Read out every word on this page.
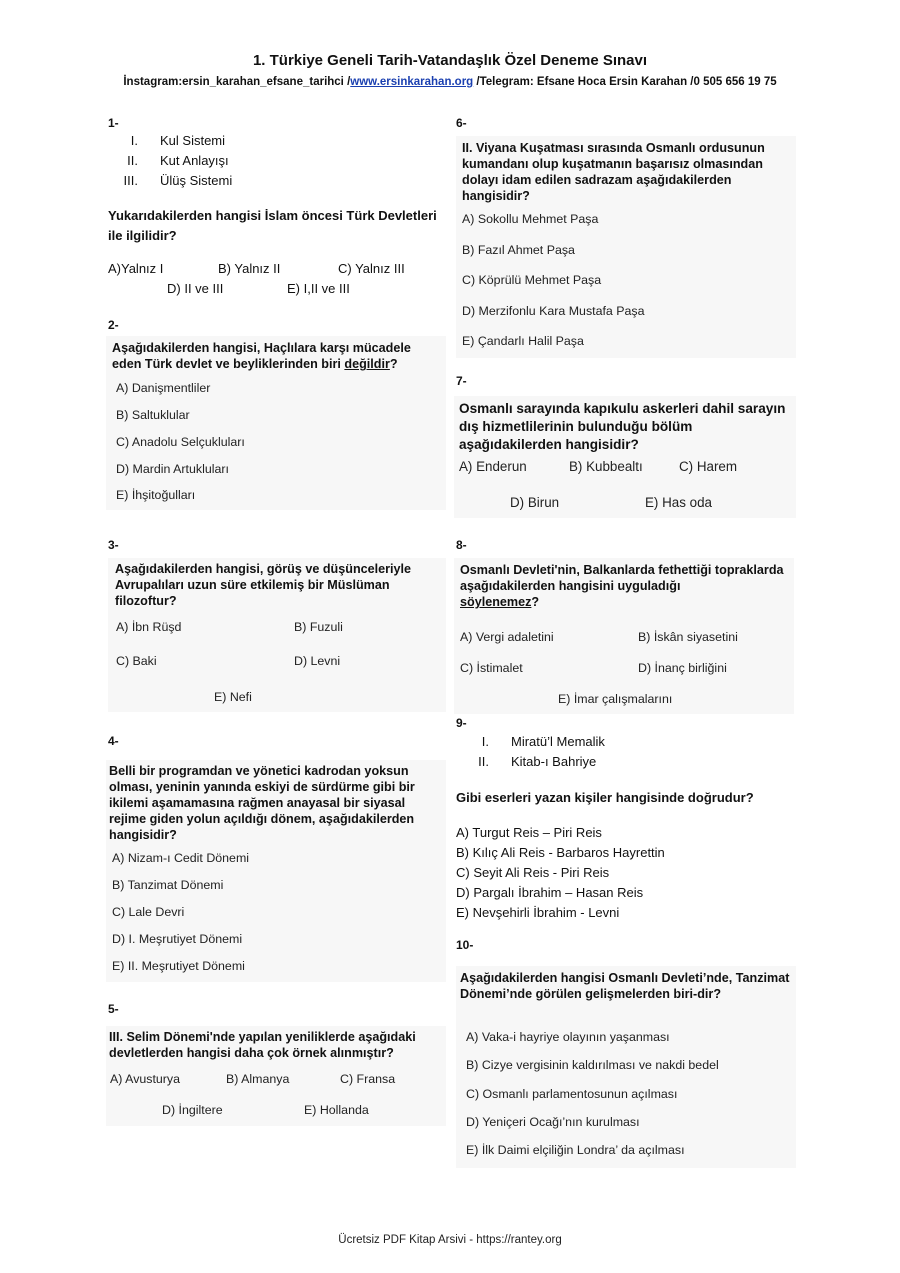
1. Türkiye Geneli Tarih-Vatandaşlık Özel Deneme Sınavı
İnstagram:ersin_karahan_efsane_tarihci /www.ersinkarahan.org /Telegram: Efsane Hoca Ersin Karahan /0 505 656 19 75
1-
I.	Kul Sistemi
II.	Kut Anlayışı
III.	Ülüş Sistemi
Yukarıdakilerden hangisi İslam öncesi Türk Devletleri ile ilgilidir?
A)Yalnız I	B) Yalnız II	C) Yalnız III
D) II ve III	E) I,II ve III
2-
Aşağıdakilerden hangisi, Haçlılara karşı mücadele eden Türk devlet ve beyliklerinden biri değildir?
A) Danişmentliler
B) Saltuklular
C) Anadolu Selçukluları
D) Mardin Artukluları
E) İhşitoğulları
3-
Aşağıdakilerden hangisi, görüş ve düşünceleriyle Avrupalıları uzun süre etkilemiş bir Müslüman filozoftur?
A) İbn Rüşd	B) Fuzuli
C) Baki	D) Levni
E) Nefi
4-
Belli bir programdan ve yönetici kadrodan yoksun olması, yeninin yanında eskiyi de sürdürme gibi bir ikilemi aşamamasına rağmen anayasal bir siyasal rejime giden yolun açıldığı dönem, aşağıdakilerden hangisidir?
A) Nizam-ı Cedit Dönemi
B) Tanzimat Dönemi
C) Lale Devri
D) I. Meşrutiyet Dönemi
E) II. Meşrutiyet Dönemi
5-
III. Selim Dönemi'nde yapılan yeniliklerde aşağıdaki devletlerden hangisi daha çok örnek alınmıştır?
A) Avusturya	B) Almanya	C) Fransa
D) İngiltere	E) Hollanda
6-
II. Viyana Kuşatması sırasında Osmanlı ordusunun kumandanı olup kuşatmanın başarısız olmasından dolayı idam edilen sadrazam aşağıdakilerden hangisidir?
A) Sokollu Mehmet Paşa
B) Fazıl Ahmet Paşa
C) Köprülü Mehmet Paşa
D) Merzifonlu Kara Mustafa Paşa
E) Çandarlı Halil Paşa
7-
Osmanlı sarayında kapıkulu askerleri dahil sarayın dış hizmetlilerinin bulunduğu bölüm aşağıdakilerden hangisidir?
A) Enderun	B) Kubbealtı	C) Harem
D) Birun	E) Has oda
8-
Osmanlı Devleti'nin, Balkanlarda fethettiği topraklarda aşağıdakilerden hangisini uyguladığı
söylenemez?
A) Vergi adaletini	B) İskân siyasetini
C) İstimalet	D) İnanç birliğini
E) İmar çalışmalarını
9-
I.	Miratü’l Memalik
II.	Kitab-ı Bahriye
Gibi eserleri yazan kişiler hangisinde doğrudur?
A) Turgut Reis – Piri Reis
B) Kılıç Ali Reis - Barbaros Hayrettin
C) Seyit Ali Reis - Piri Reis
D) Pargalı İbrahim – Hasan Reis
E) Nevşehirli İbrahim - Levni
10-
Aşağıdakilerden hangisi Osmanlı Devleti’nde, Tanzimat Dönemi’nde görülen gelişmelerden biri-dir?
A) Vaka-i hayriye olayının yaşanması
B) Cizye vergisinin kaldırılması ve nakdi bedel
C) Osmanlı parlamentosunun açılması
D) Yeniçeri Ocağı’nın kurulması
E) İlk Daimi elçiliğin Londra’ da açılması
Ücretsiz PDF Kitap Arsivi - https://rantey.org
